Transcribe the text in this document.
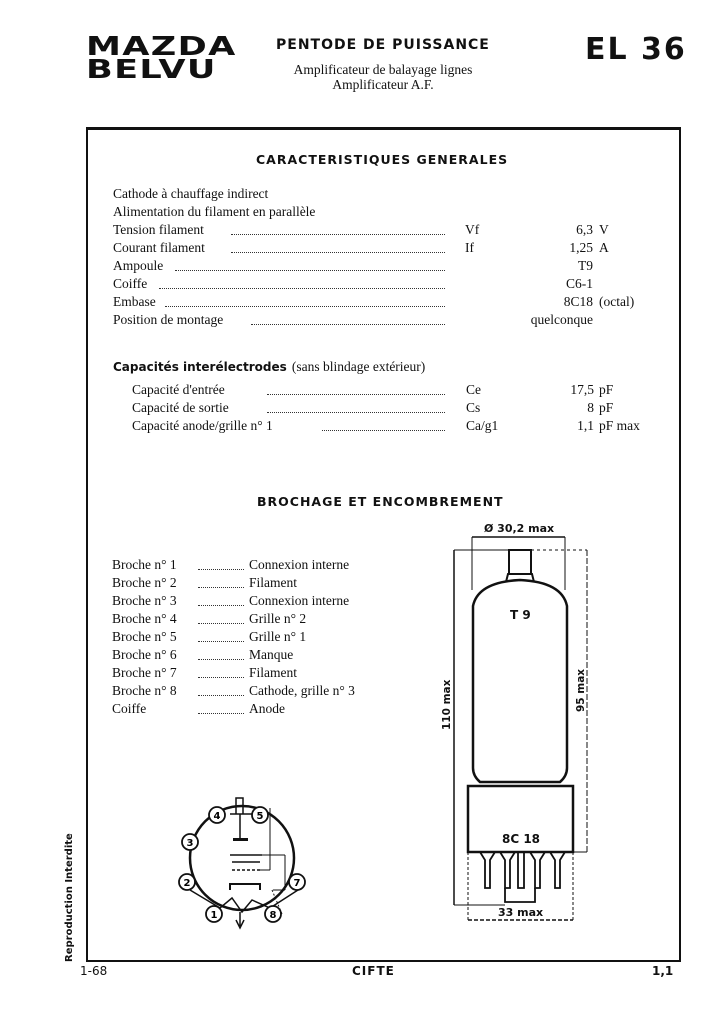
MAZDA
BELVU
PENTODE DE PUISSANCE
Amplificateur de balayage lignes
Amplificateur A.F.
EL 36
CARACTERISTIQUES GENERALES
Cathode à chauffage indirect
Alimentation du filament en parallèle
Tension filament	Vf	6,3 V
Courant filament	If	1,25 A
Ampoule	T9
Coiffe	C6-1
Embase	8C18 (octal)
Position de montage	quelconque
Capacités interélectrodes (sans blindage extérieur)
Capacité d'entrée	Ce	17,5 pF
Capacité de sortie	Cs	8 pF
Capacité anode/grille n° 1	Ca/g1	1,1 pF max
BROCHAGE ET ENCOMBREMENT
Broche n° 1	Connexion interne
Broche n° 2	Filament
Broche n° 3	Connexion interne
Broche n° 4	Grille n° 2
Broche n° 5	Grille n° 1
Broche n° 6	Manque
Broche n° 7	Filament
Broche n° 8	Cathode, grille n° 3
Coiffe	Anode
4	5
3
2	7
1	8
Ø 30,2 max
T 9
8C 18
110 max	95 max
33 max
Reproduction Interdite
1-68	CIFTE	1,1
